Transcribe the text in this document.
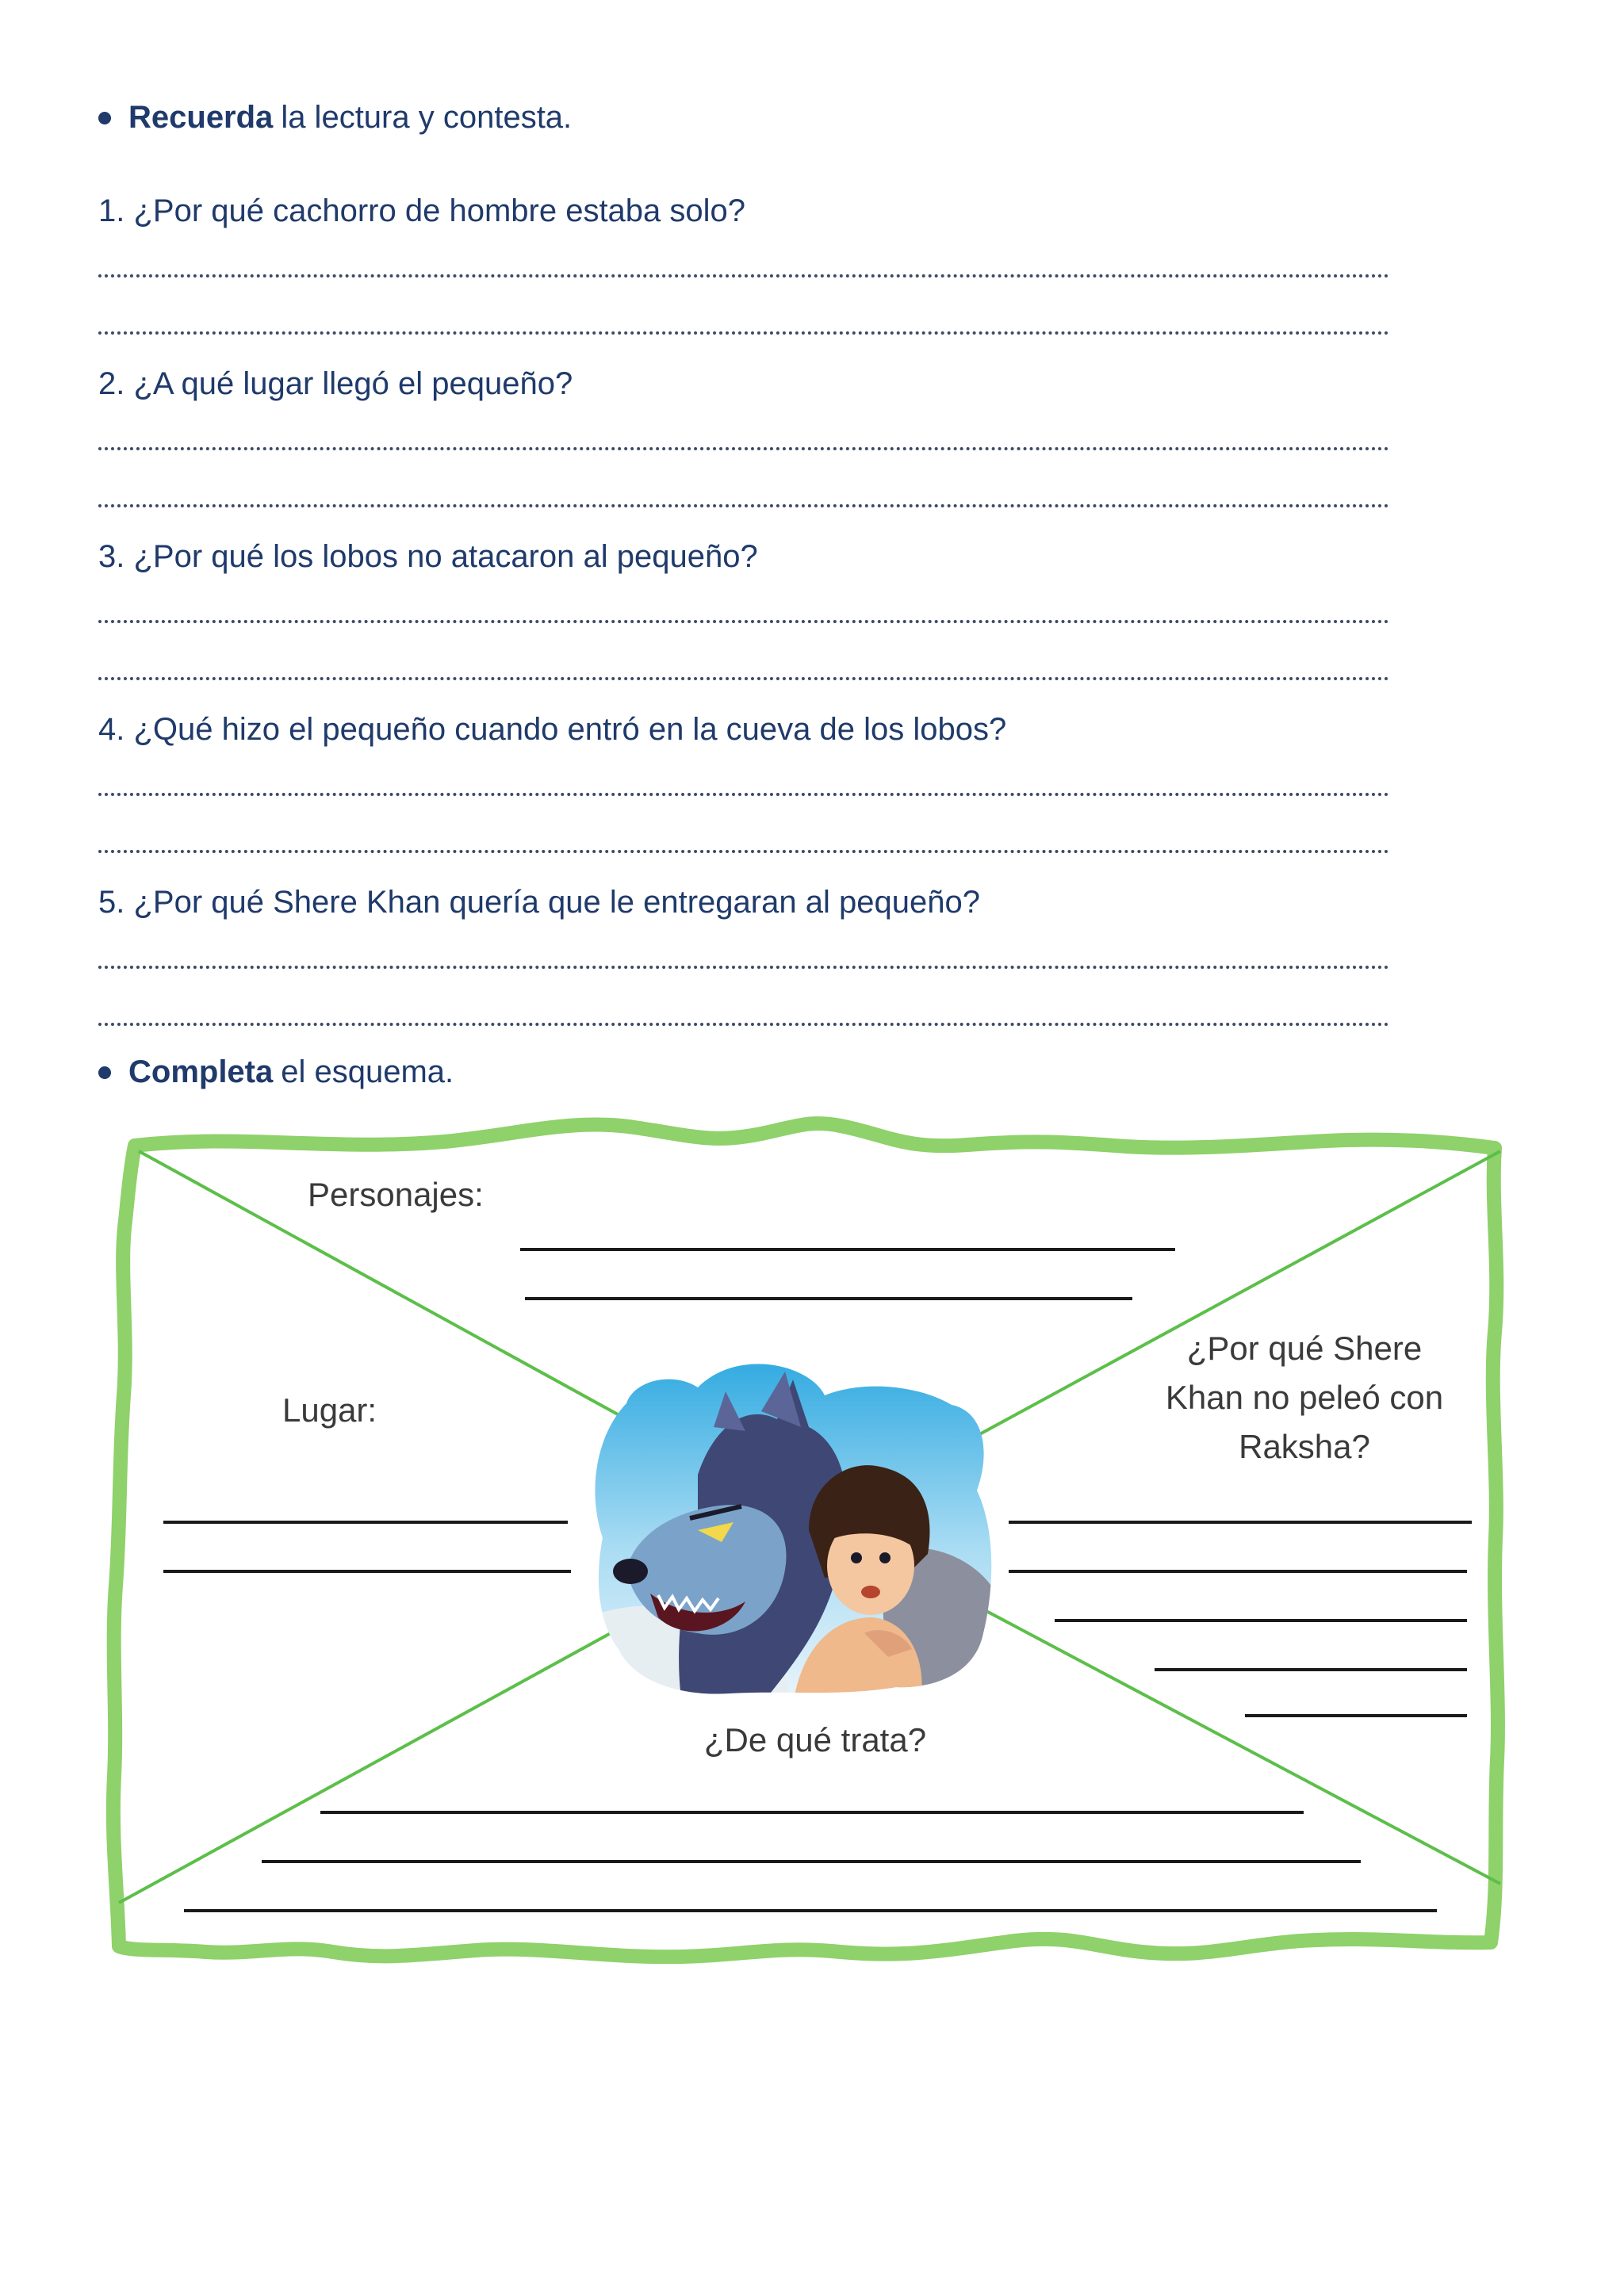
Recuerda la lectura y contesta.
1. ¿Por qué cachorro de hombre estaba solo?
2. ¿A qué lugar llegó el pequeño?
3. ¿Por qué los lobos no atacaron al pequeño?
4. ¿Qué hizo el pequeño cuando entró en la cueva de los lobos?
5. ¿Por qué Shere Khan quería que le entregaran al pequeño?
Completa el esquema.
Personajes:
Lugar:
¿Por qué Shere
Khan no peleó con
Raksha?
¿De qué trata?
